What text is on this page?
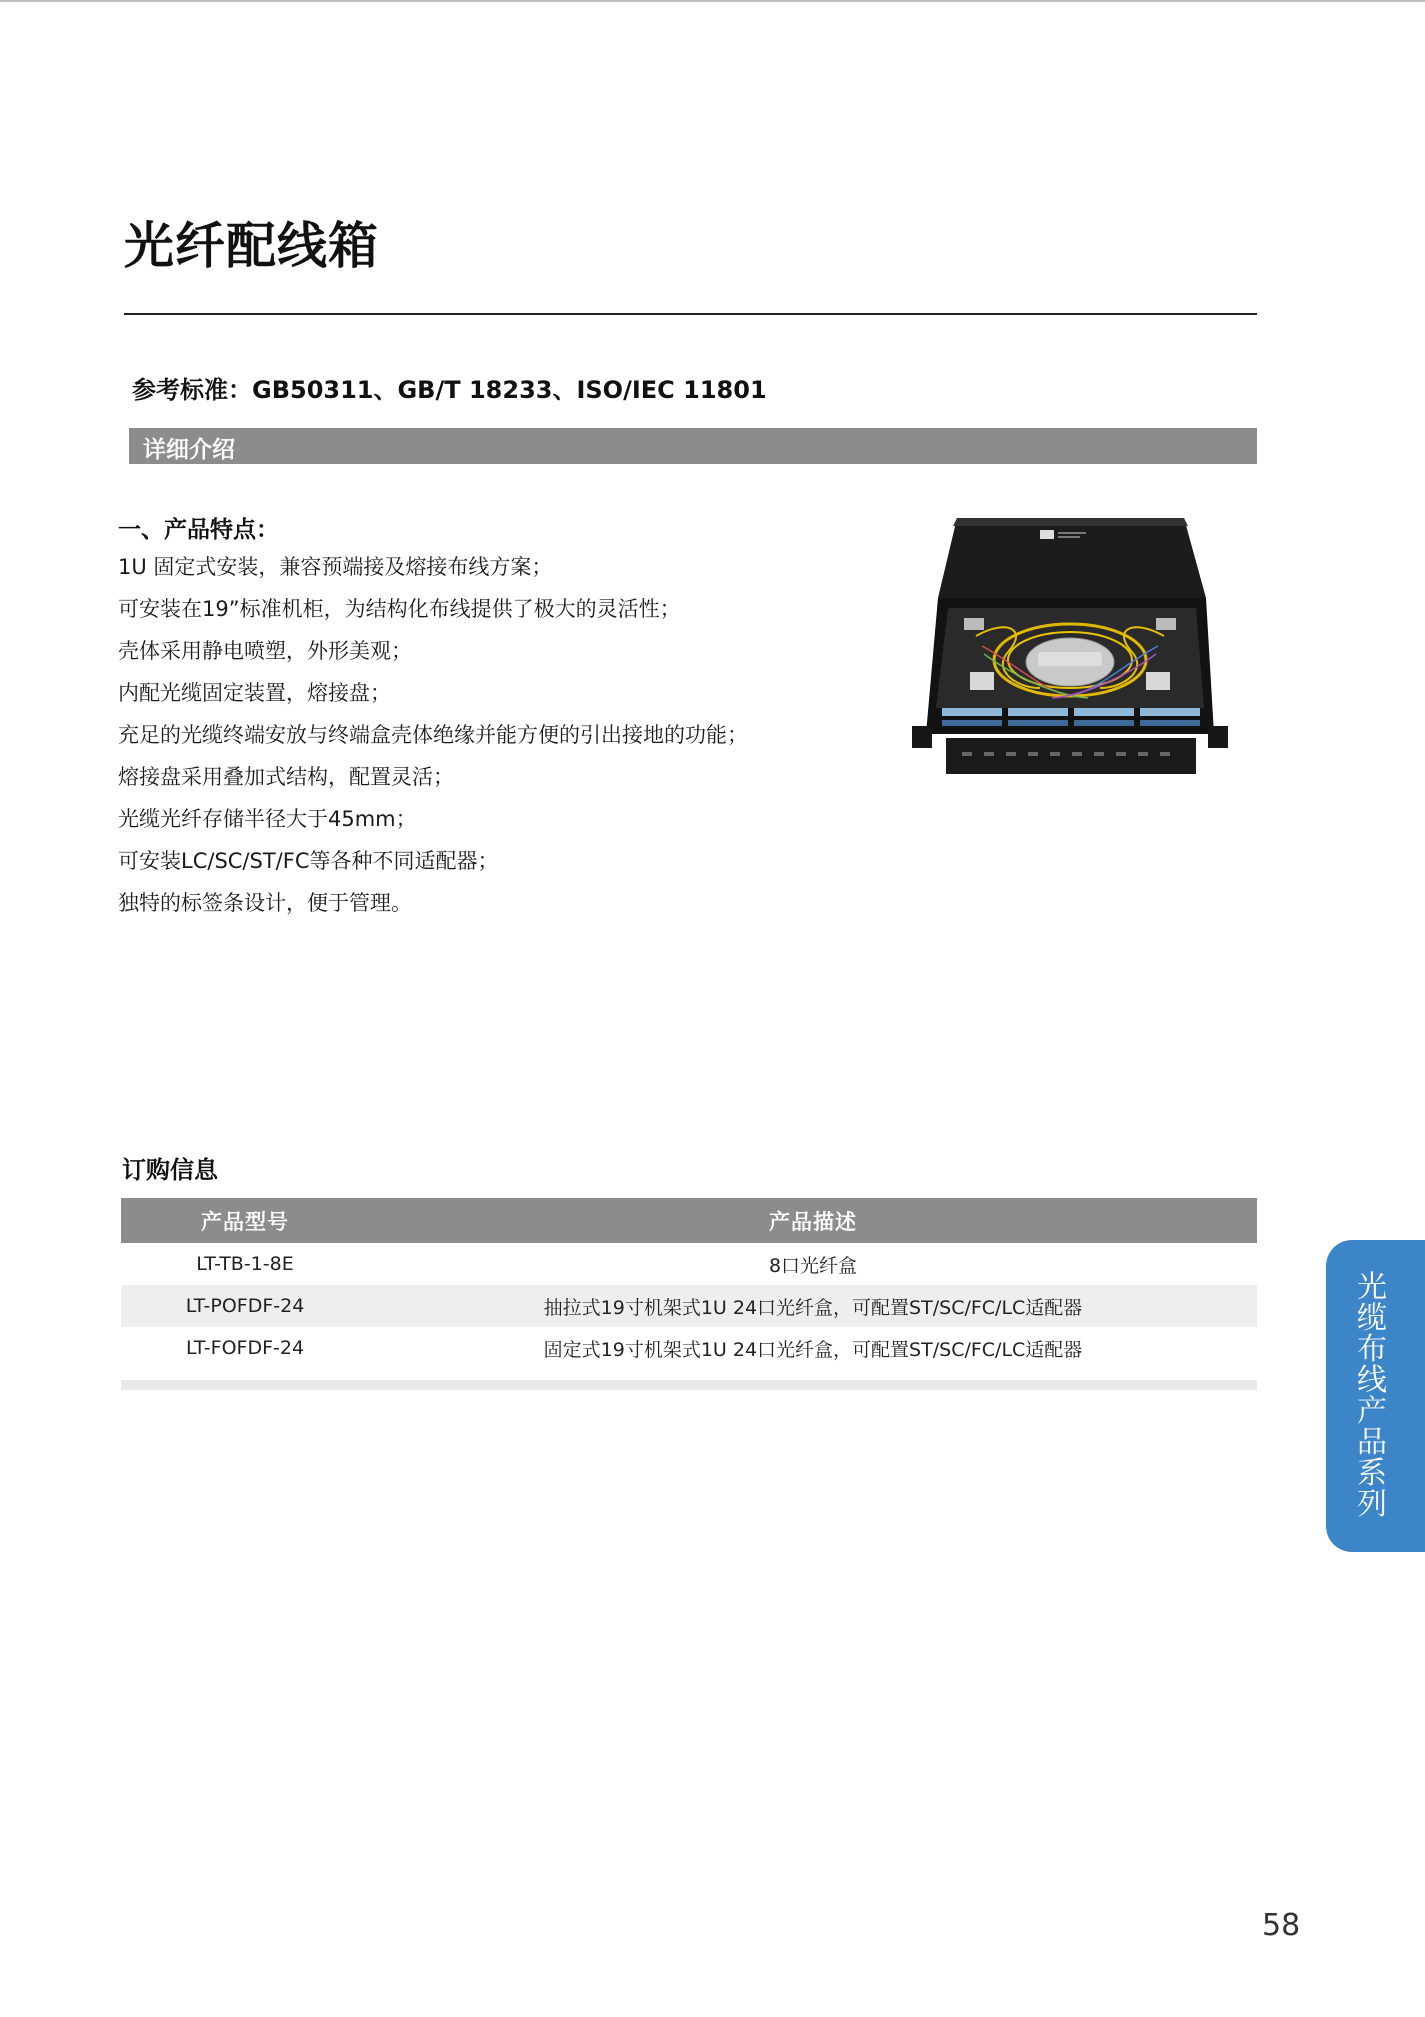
光纤配线箱
参考标准：GB50311、GB/T 18233、ISO/IEC 11801
详细介绍
一、产品特点：
1U 固定式安装，兼容预端接及熔接布线方案；
可安装在19”标准机柜，为结构化布线提供了极大的灵活性；
壳体采用静电喷塑，外形美观；
内配光缆固定装置，熔接盘；
充足的光缆终端安放与终端盒壳体绝缘并能方便的引出接地的功能；
熔接盘采用叠加式结构，配置灵活；
光缆光纤存储半径大于45mm；
可安装LC/SC/ST/FC等各种不同适配器；
独特的标签条设计，便于管理。
订购信息
产品型号	产品描述
LT-TB-1-8E	8口光纤盒
LT-POFDF-24	抽拉式19寸机架式1U 24口光纤盒，可配置ST/SC/FC/LC适配器
LT-FOFDF-24	固定式19寸机架式1U 24口光纤盒，可配置ST/SC/FC/LC适配器
光缆布线产品系列
58
